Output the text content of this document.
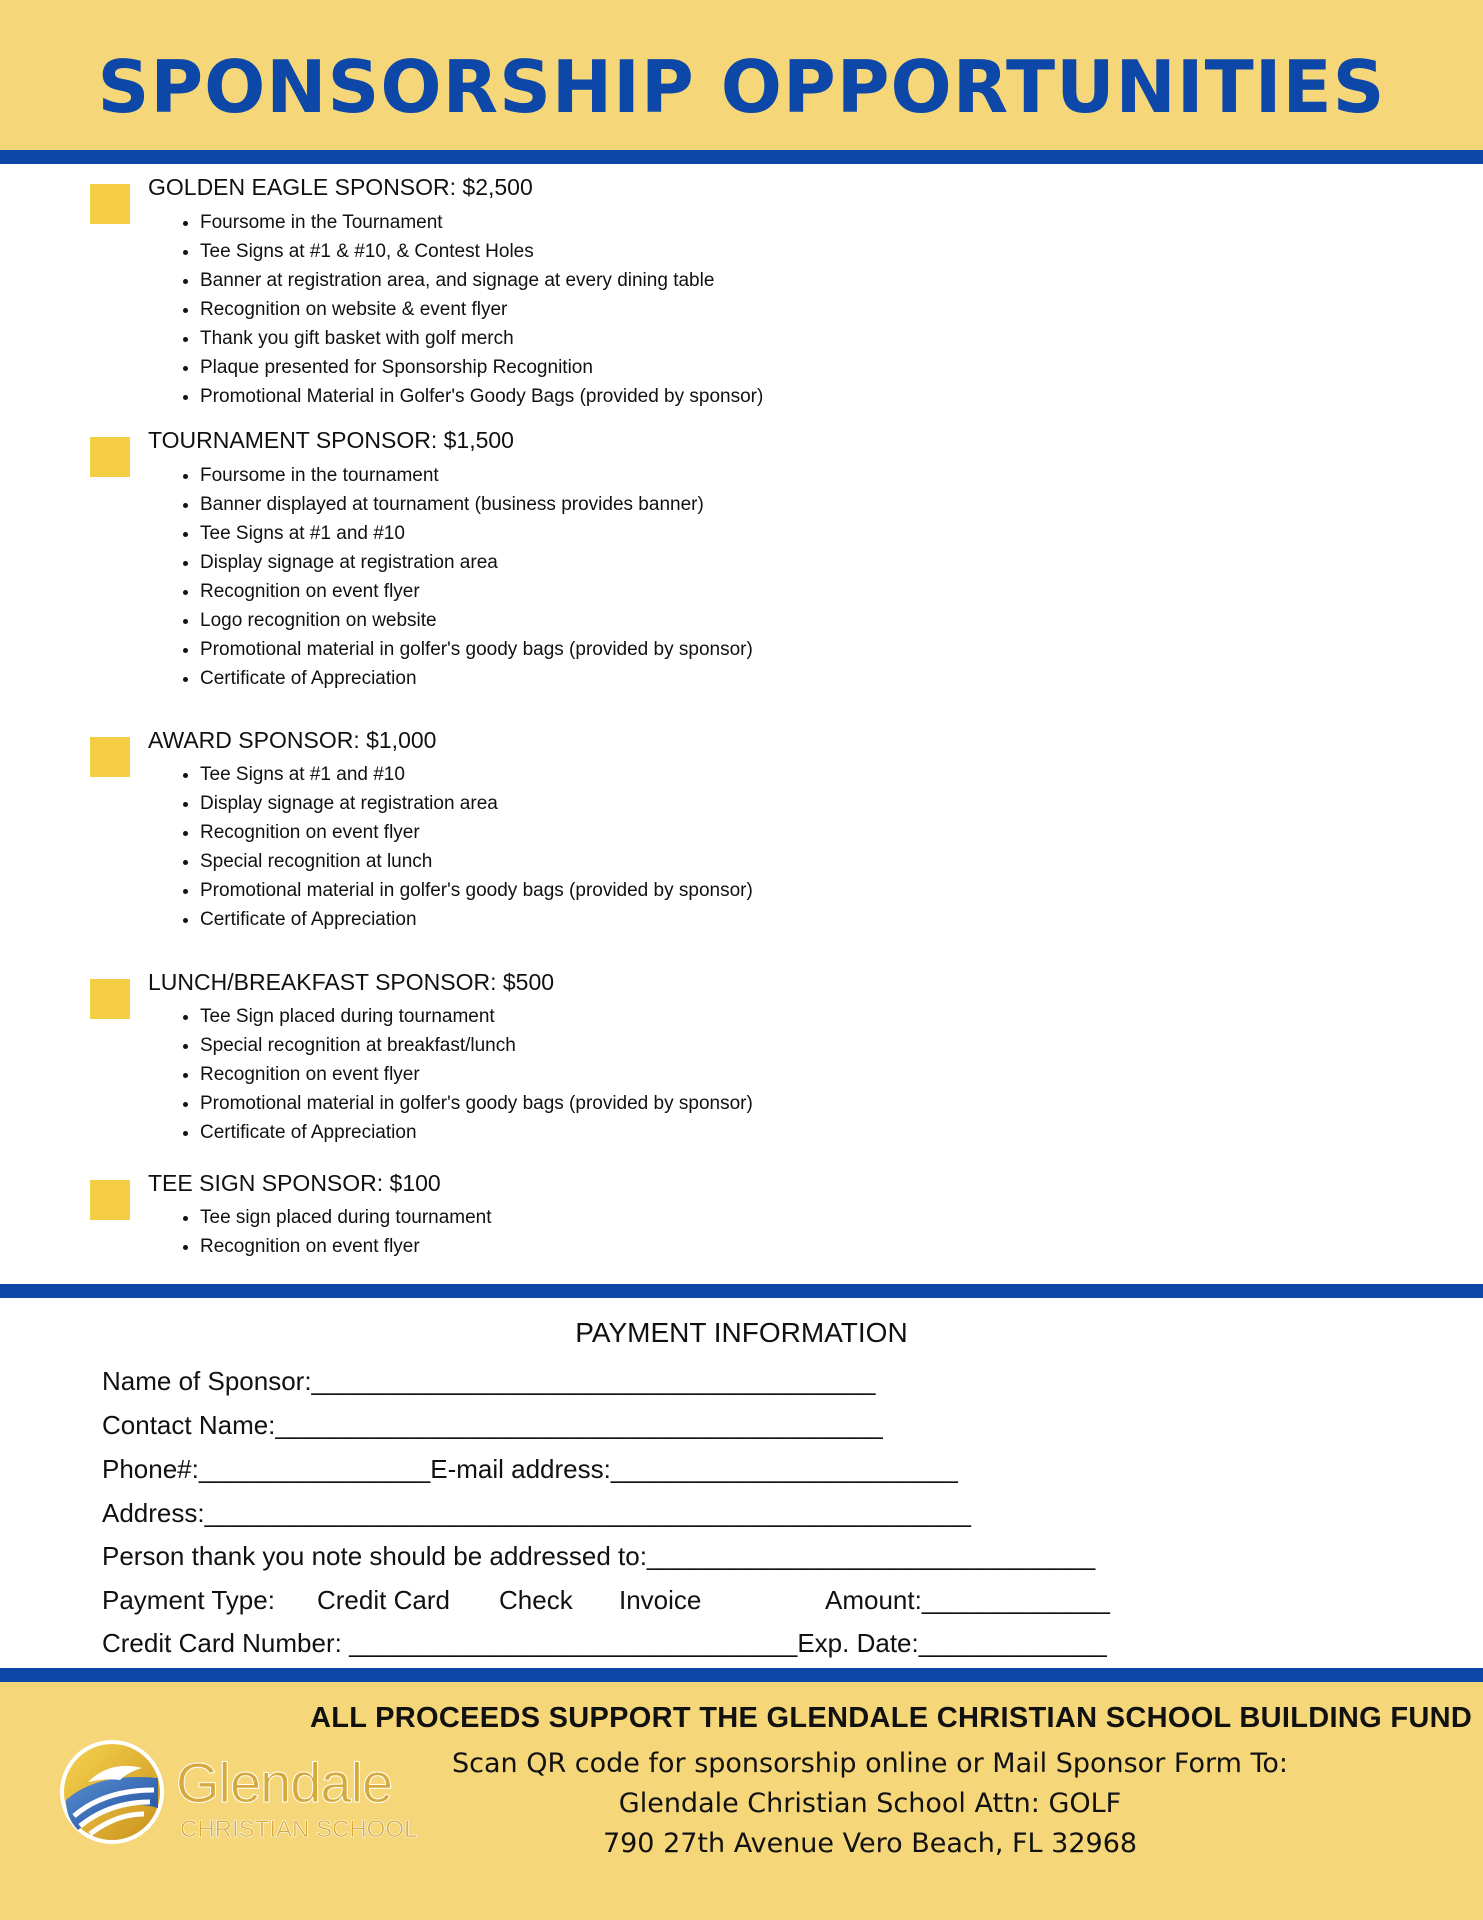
SPONSORSHIP OPPORTUNITIES
GOLDEN EAGLE SPONSOR: $2,500
• Foursome in the Tournament
• Tee Signs at #1 & #10, & Contest Holes
• Banner at registration area, and signage at every dining table
• Recognition on website & event flyer
• Thank you gift basket with golf merch
• Plaque presented for Sponsorship Recognition
• Promotional Material in Golfer's Goody Bags (provided by sponsor)
TOURNAMENT SPONSOR: $1,500
• Foursome in the tournament
• Banner displayed at tournament (business provides banner)
• Tee Signs at #1 and #10
• Display signage at registration area
• Recognition on event flyer
• Logo recognition on website
• Promotional material in golfer's goody bags (provided by sponsor)
• Certificate of Appreciation
AWARD SPONSOR: $1,000
• Tee Signs at #1 and #10
• Display signage at registration area
• Recognition on event flyer
• Special recognition at lunch
• Promotional material in golfer's goody bags (provided by sponsor)
• Certificate of Appreciation
LUNCH/BREAKFAST SPONSOR: $500
• Tee Sign placed during tournament
• Special recognition at breakfast/lunch
• Recognition on event flyer
• Promotional material in golfer's goody bags (provided by sponsor)
• Certificate of Appreciation
TEE SIGN SPONSOR: $100
• Tee sign placed during tournament
• Recognition on event flyer
PAYMENT INFORMATION
Name of Sponsor:_______________________________________
Contact Name:__________________________________________
Phone#:________________E-mail address:________________________
Address:_____________________________________________________
Person thank you note should be addressed to:_______________________________
Payment Type: Credit Card Check Invoice	Amount:_____________
Credit Card Number: _______________________________Exp. Date:_____________
ALL PROCEEDS SUPPORT THE GLENDALE CHRISTIAN SCHOOL BUILDING FUND
Scan QR code for sponsorship online or Mail Sponsor Form To:
Glendale Christian School Attn: GOLF
790 27th Avenue Vero Beach, FL 32968
Glendale
CHRISTIAN SCHOOL
